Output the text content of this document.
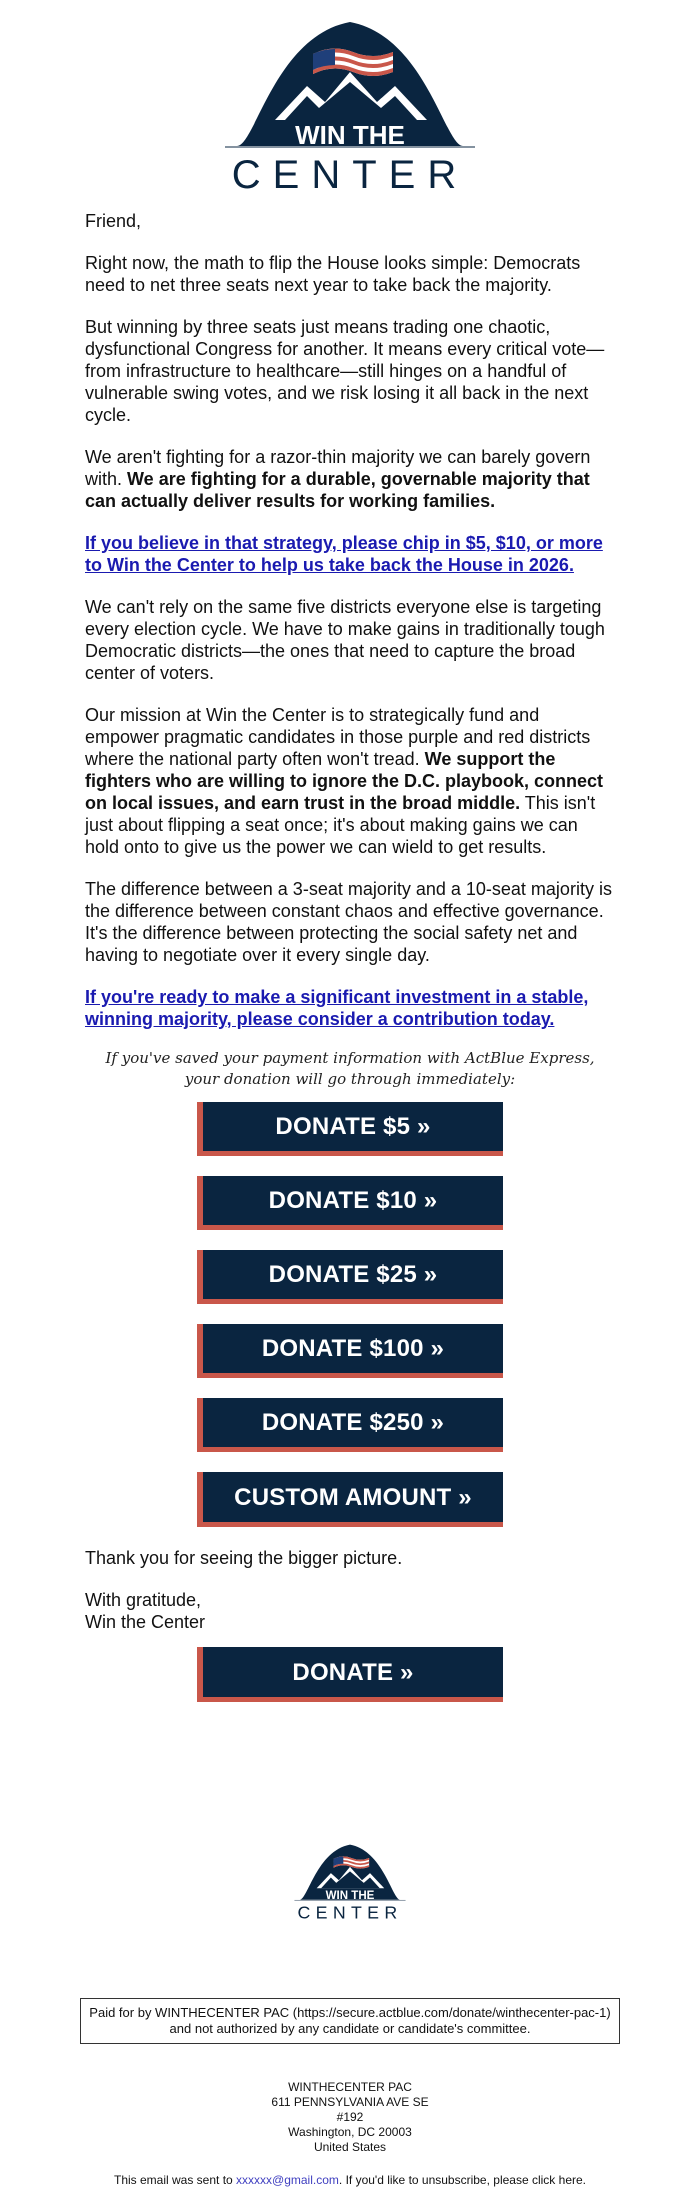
WIN THE
CENTER

Friend,

Right now, the math to flip the House looks simple: Democrats need to net three seats next year to take back the majority.

But winning by three seats just means trading one chaotic, dysfunctional Congress for another. It means every critical vote—from infrastructure to healthcare—still hinges on a handful of vulnerable swing votes, and we risk losing it all back in the next cycle.

We aren't fighting for a razor-thin majority we can barely govern with. We are fighting for a durable, governable majority that can actually deliver results for working families.

If you believe in that strategy, please chip in $5, $10, or more to Win the Center to help us take back the House in 2026.

We can't rely on the same five districts everyone else is targeting every election cycle. We have to make gains in traditionally tough Democratic districts—the ones that need to capture the broad center of voters.

Our mission at Win the Center is to strategically fund and empower pragmatic candidates in those purple and red districts where the national party often won't tread. We support the fighters who are willing to ignore the D.C. playbook, connect on local issues, and earn trust in the broad middle. This isn't just about flipping a seat once; it's about making gains we can hold onto to give us the power we can wield to get results.

The difference between a 3-seat majority and a 10-seat majority is the difference between constant chaos and effective governance. It's the difference between protecting the social safety net and having to negotiate over it every single day.

If you're ready to make a significant investment in a stable, winning majority, please consider a contribution today.

If you've saved your payment information with ActBlue Express, your donation will go through immediately:
DONATE $5 »
DONATE $10 »
DONATE $25 »
DONATE $100 »
DONATE $250 »
CUSTOM AMOUNT »

Thank you for seeing the bigger picture.

With gratitude,
Win the Center

DONATE »
WIN THE
CENTER
Paid for by WINTHECENTER PAC (https://secure.actblue.com/donate/winthecenter-pac-1) and not authorized by any candidate or candidate's committee.
WINTHECENTER PAC
611 PENNSYLVANIA AVE SE
#192
Washington, DC 20003
United States
This email was sent to xxxxxx@gmail.com. If you'd like to unsubscribe, please click here.
